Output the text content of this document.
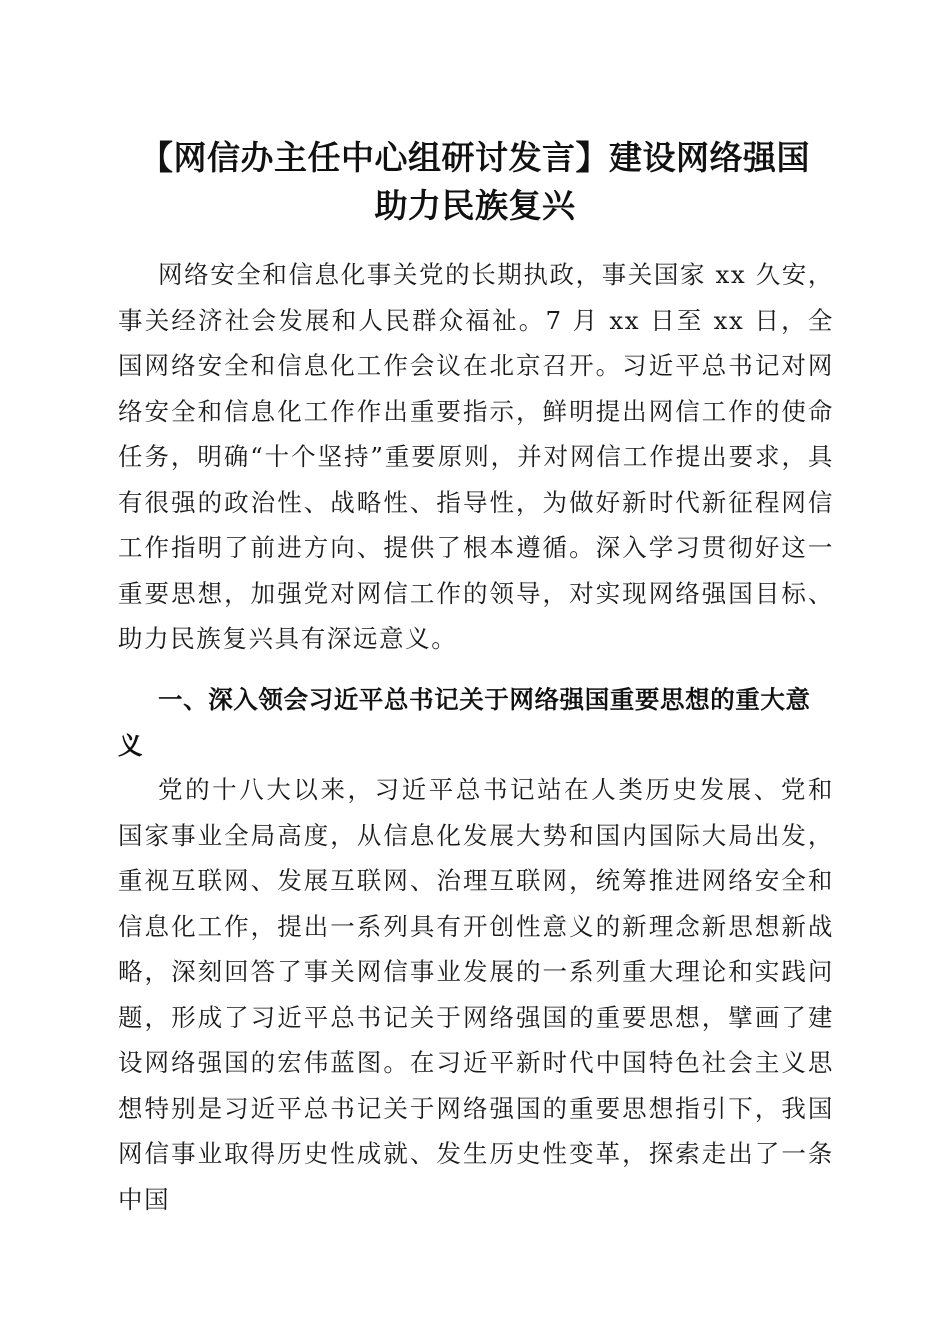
【网信办主任中心组研讨发言】建设网络强国
助力民族复兴

网络安全和信息化事关党的长期执政，事关国家 xx 久安，事关经济社会发展和人民群众福祉。7 月 xx 日至 xx 日，全国网络安全和信息化工作会议在北京召开。习近平总书记对网络安全和信息化工作作出重要指示，鲜明提出网信工作的使命任务，明确“十个坚持”重要原则，并对网信工作提出要求，具有很强的政治性、战略性、指导性，为做好新时代新征程网信工作指明了前进方向、提供了根本遵循。深入学习贯彻好这一重要思想，加强党对网信工作的领导，对实现网络强国目标、助力民族复兴具有深远意义。

一、深入领会习近平总书记关于网络强国重要思想的重大意义

党的十八大以来，习近平总书记站在人类历史发展、党和国家事业全局高度，从信息化发展大势和国内国际大局出发，重视互联网、发展互联网、治理互联网，统筹推进网络安全和信息化工作，提出一系列具有开创性意义的新理念新思想新战略，深刻回答了事关网信事业发展的一系列重大理论和实践问题，形成了习近平总书记关于网络强国的重要思想，擘画了建设网络强国的宏伟蓝图。在习近平新时代中国特色社会主义思想特别是习近平总书记关于网络强国的重要思想指引下，我国网信事业取得历史性成就、发生历史性变革，探索走出了一条中国
